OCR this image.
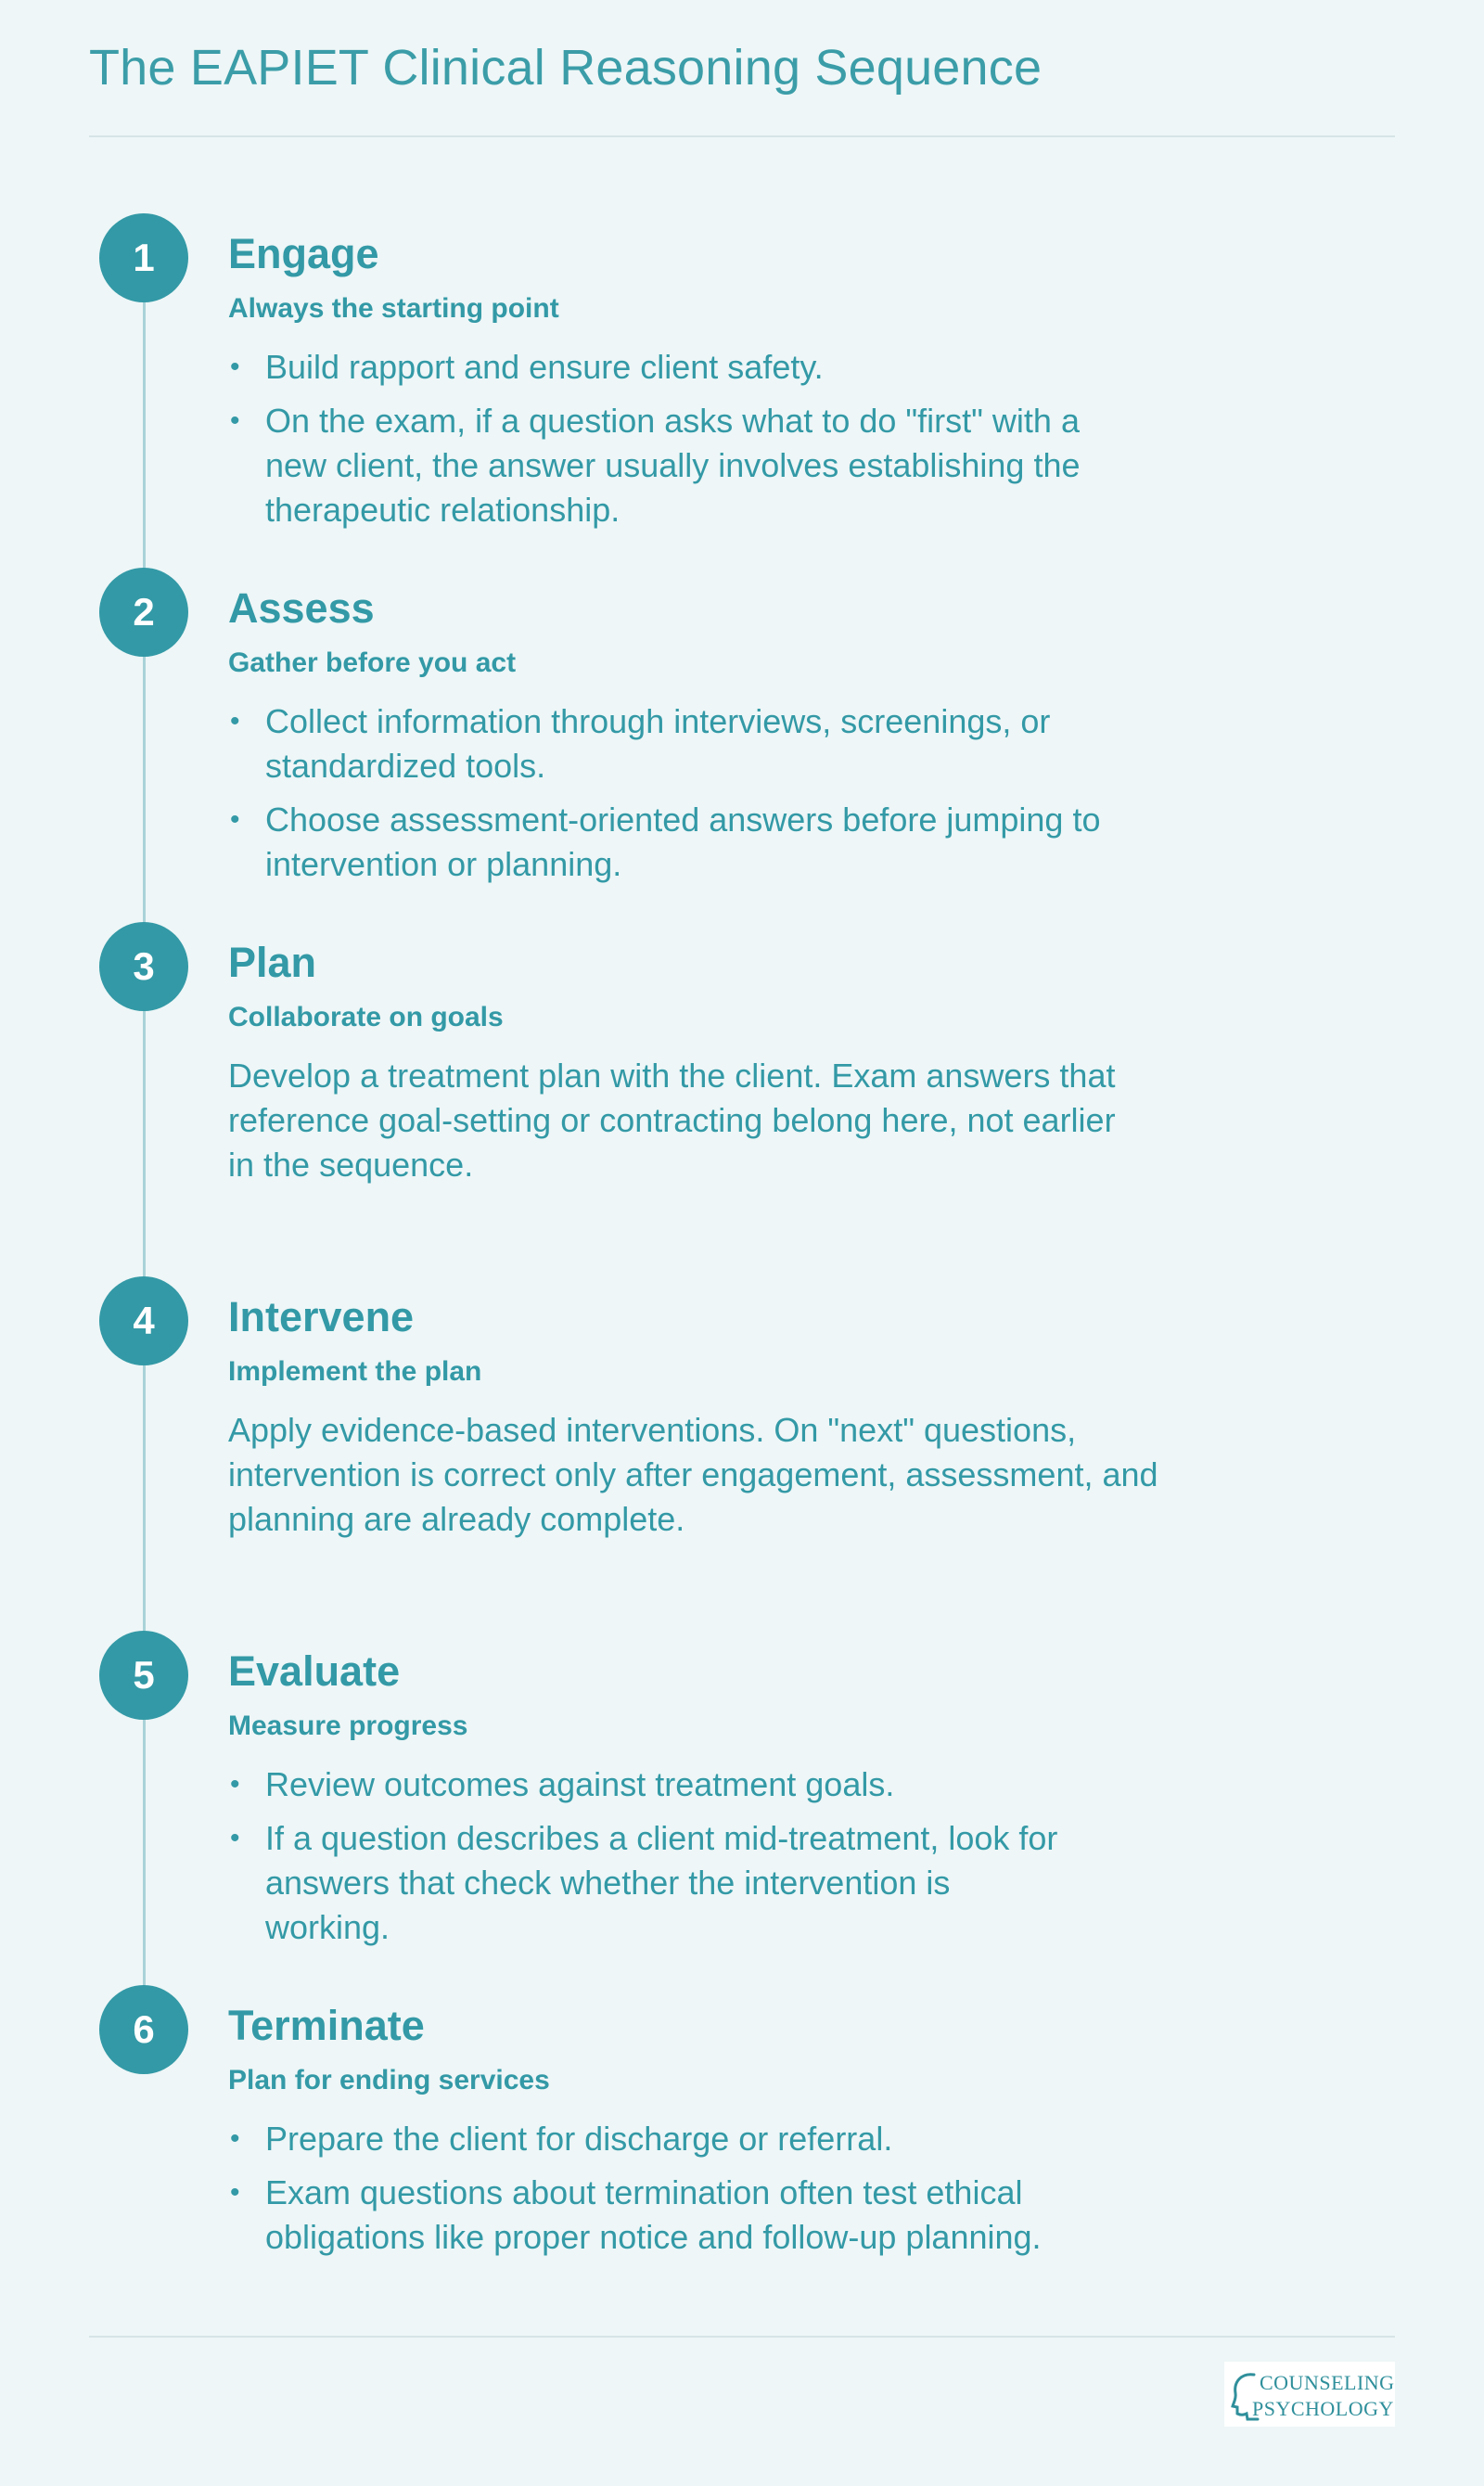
The EAPIET Clinical Reasoning Sequence
1	Engage
Always the starting point
• Build rapport and ensure client safety.
• On the exam, if a question asks what to do "first" with a new client, the answer usually involves establishing the therapeutic relationship.
2	Assess
Gather before you act
• Collect information through interviews, screenings, or standardized tools.
• Choose assessment-oriented answers before jumping to intervention or planning.
3	Plan
Collaborate on goals

Develop a treatment plan with the client. Exam answers that reference goal-setting or contracting belong here, not earlier in the sequence.

4	Intervene
Implement the plan

Apply evidence-based interventions. On "next" questions, intervention is correct only after engagement, assessment, and planning are already complete.

5	Evaluate
Measure progress
• Review outcomes against treatment goals.
• If a question describes a client mid-treatment, look for answers that check whether the intervention is working.
6	Terminate
Plan for ending services
• Prepare the client for discharge or referral.
• Exam questions about termination often test ethical obligations like proper notice and follow-up planning.
COUNSELING
PSYCHOLOGY
